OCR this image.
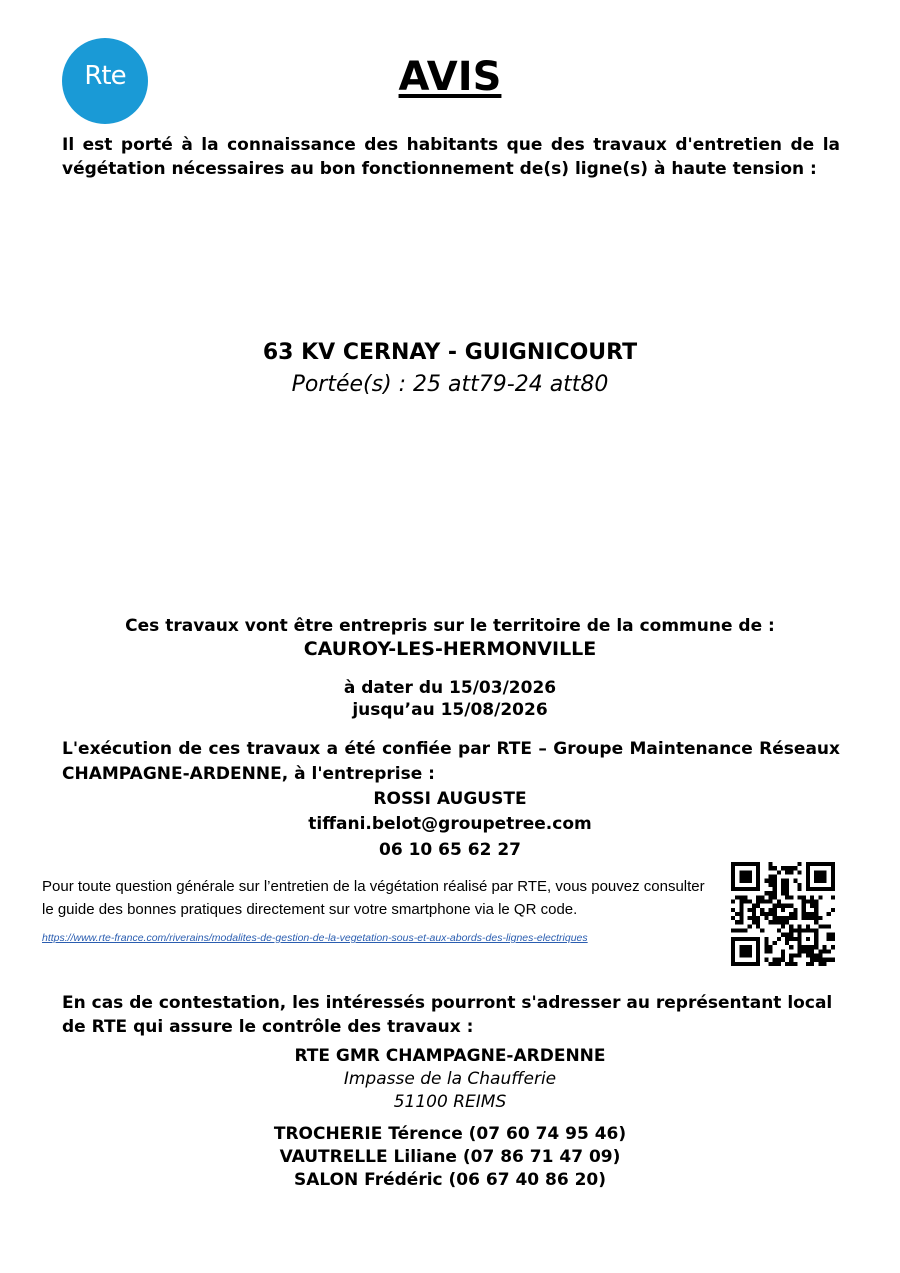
Rte	AVIS
Il est porté à la connaissance des habitants que des travaux d'entretien de la végétation nécessaires au bon fonctionnement de(s) ligne(s) à haute tension :
63 KV CERNAY - GUIGNICOURT
Portée(s) : 25 att79-24 att80
Ces travaux vont être entrepris sur le territoire de la commune de :
CAUROY-LES-HERMONVILLE
à dater du 15/03/2026
jusqu’au 15/08/2026
L'exécution de ces travaux a été confiée par RTE – Groupe Maintenance Réseaux CHAMPAGNE-ARDENNE, à l'entreprise :
ROSSI AUGUSTE
tiffani.belot@groupetree.com
06 10 65 62 27
Pour toute question générale sur l’entretien de la végétation réalisé par RTE, vous pouvez consulter le guide des bonnes pratiques directement sur votre smartphone via le QR code.
https://www.rte-france.com/riverains/modalites-de-gestion-de-la-vegetation-sous-et-aux-abords-des-lignes-electriques
En cas de contestation, les intéressés pourront s'adresser au représentant local de RTE qui assure le contrôle des travaux :
RTE GMR CHAMPAGNE-ARDENNE
Impasse de la Chaufferie
51100 REIMS
TROCHERIE Térence (07 60 74 95 46)
VAUTRELLE Liliane (07 86 71 47 09)
SALON Frédéric (06 67 40 86 20)
